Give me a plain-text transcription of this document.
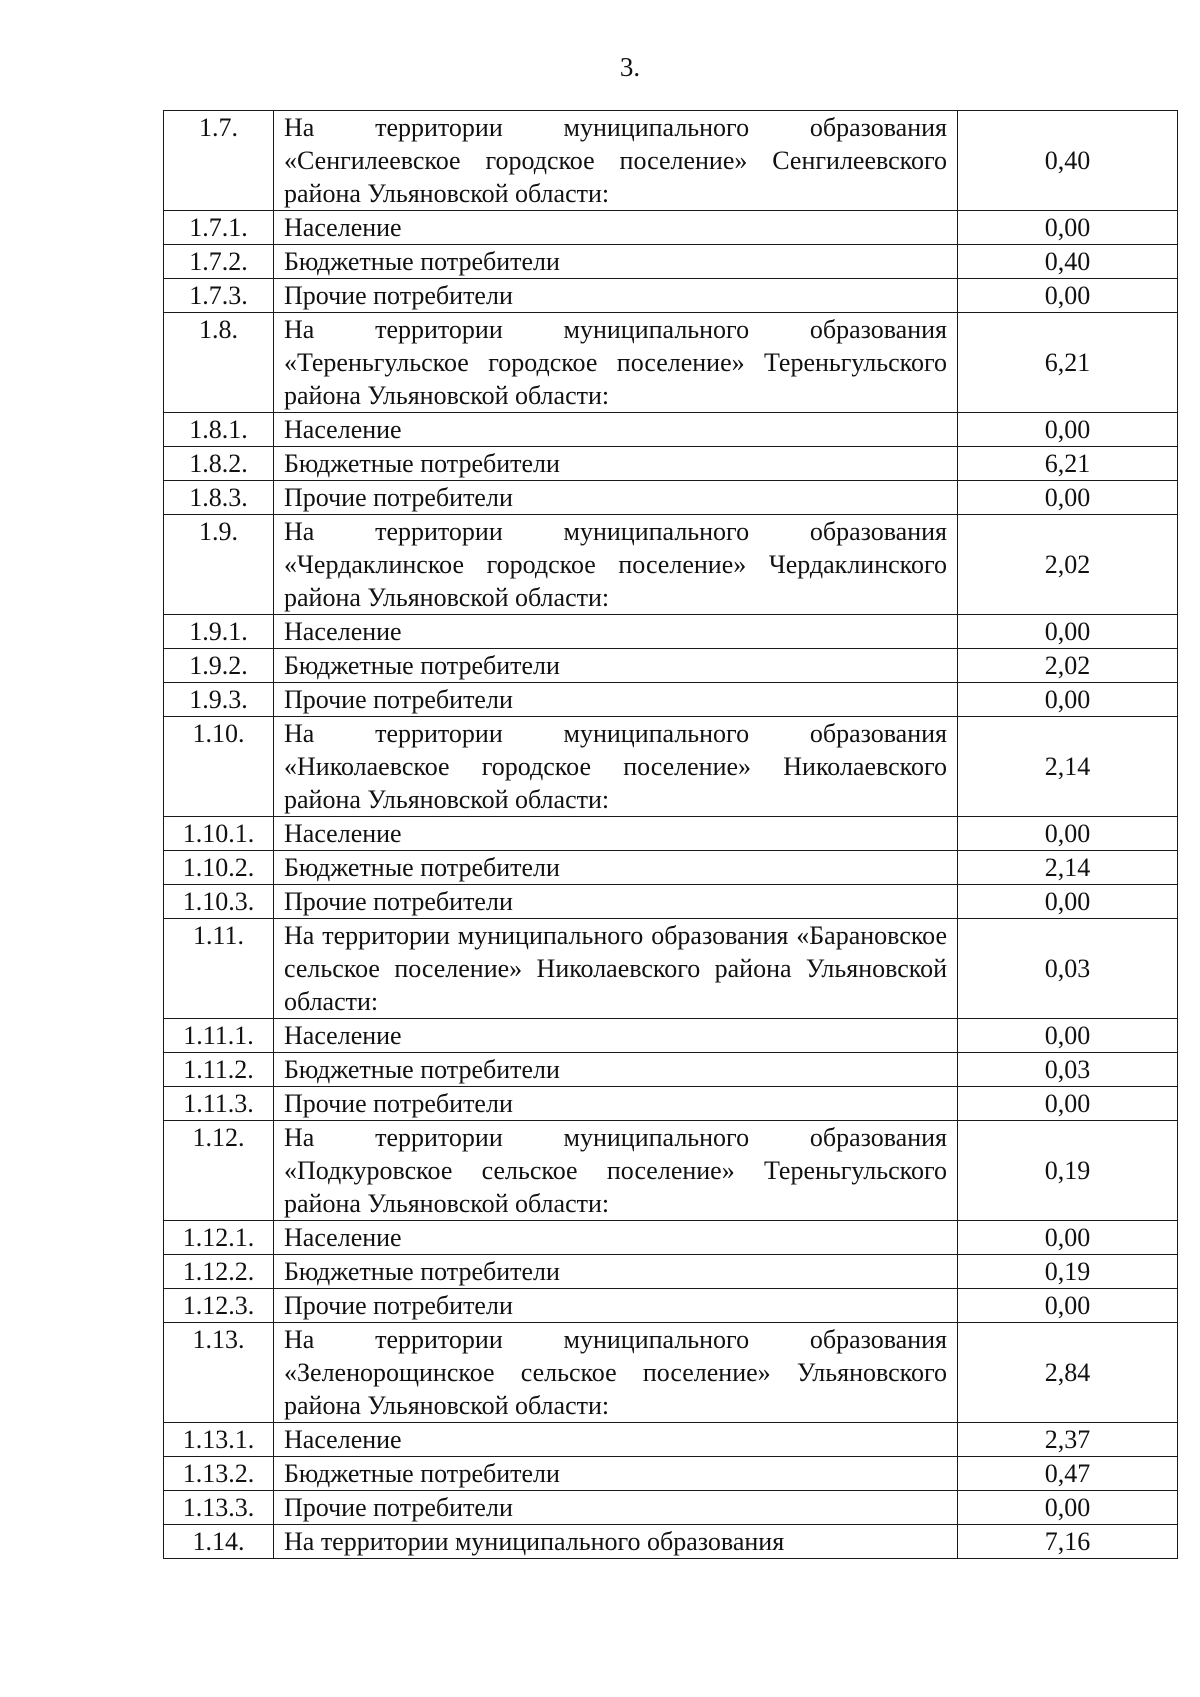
3.
1.7.	На территории муниципального образования «Сенгилеевское городское поселение» Сенгилеевского района Ульяновской области:	0,40
1.7.1.	Население	0,00
1.7.2.	Бюджетные потребители	0,40
1.7.3.	Прочие потребители	0,00
1.8.	На территории муниципального образования «Тереньгульское городское поселение» Тереньгульского района Ульяновской области:	6,21
1.8.1.	Население	0,00
1.8.2.	Бюджетные потребители	6,21
1.8.3.	Прочие потребители	0,00
1.9.	На территории муниципального образования «Чердаклинское городское поселение» Чердаклинского района Ульяновской области:	2,02
1.9.1.	Население	0,00
1.9.2.	Бюджетные потребители	2,02
1.9.3.	Прочие потребители	0,00
1.10.	На территории муниципального образования «Николаевское городское поселение» Николаевского района Ульяновской области:	2,14
1.10.1.	Население	0,00
1.10.2.	Бюджетные потребители	2,14
1.10.3.	Прочие потребители	0,00
1.11.	На территории муниципального образования «Барановское сельское поселение» Николаевского района Ульяновской области:	0,03
1.11.1.	Население	0,00
1.11.2.	Бюджетные потребители	0,03
1.11.3.	Прочие потребители	0,00
1.12.	На территории муниципального образования «Подкуровское сельское поселение» Тереньгульского района Ульяновской области:	0,19
1.12.1.	Население	0,00
1.12.2.	Бюджетные потребители	0,19
1.12.3.	Прочие потребители	0,00
1.13.	На территории муниципального образования «Зеленорощинское сельское поселение» Ульяновского района Ульяновской области:	2,84
1.13.1.	Население	2,37
1.13.2.	Бюджетные потребители	0,47
1.13.3.	Прочие потребители	0,00
1.14.	На территории муниципального образования	7,16
